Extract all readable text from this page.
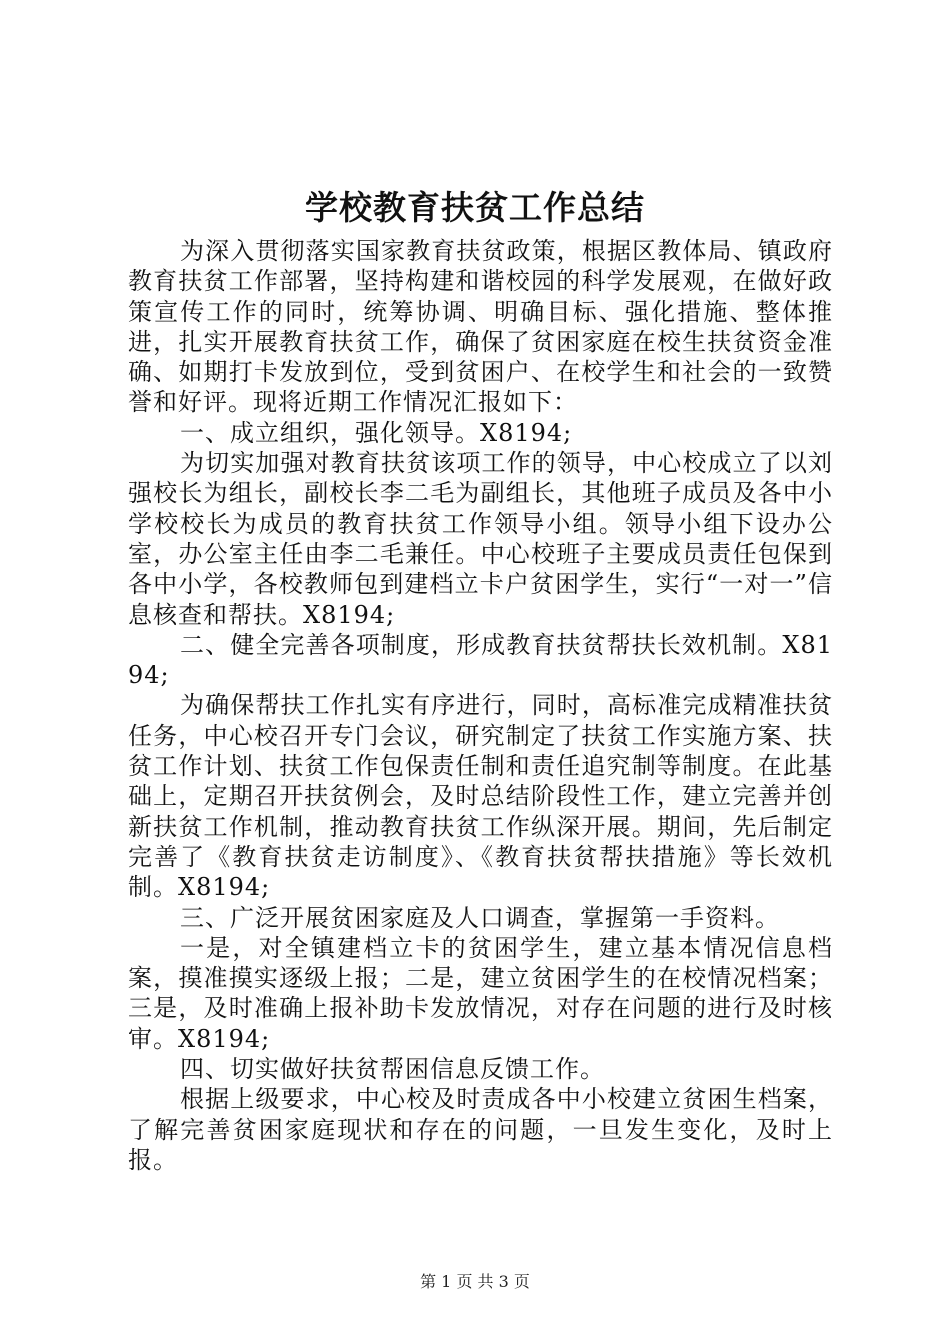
学校教育扶贫工作总结

为深入贯彻落实国家教育扶贫政策，根据区教体局、镇政府教育扶贫工作部署，坚持构建和谐校园的科学发展观，在做好政策宣传工作的同时，统筹协调、明确目标、强化措施、整体推进，扎实开展教育扶贫工作，确保了贫困家庭在校生扶贫资金准确、如期打卡发放到位，受到贫困户、在校学生和社会的一致赞誉和好评。现将近期工作情况汇报如下：

一、成立组织，强化领导。X8194;

为切实加强对教育扶贫该项工作的领导，中心校成立了以刘强校长为组长，副校长李二毛为副组长，其他班子成员及各中小学校校长为成员的教育扶贫工作领导小组。领导小组下设办公室，办公室主任由李二毛兼任。中心校班子主要成员责任包保到各中小学，各校教师包到建档立卡户贫困学生，实行“一对一”信息核查和帮扶。X8194;

二、健全完善各项制度，形成教育扶贫帮扶长效机制。X8194;

为确保帮扶工作扎实有序进行，同时，高标准完成精准扶贫任务，中心校召开专门会议，研究制定了扶贫工作实施方案、扶贫工作计划、扶贫工作包保责任制和责任追究制等制度。在此基础上，定期召开扶贫例会，及时总结阶段性工作，建立完善并创新扶贫工作机制，推动教育扶贫工作纵深开展。期间，先后制定完善了《教育扶贫走访制度》、《教育扶贫帮扶措施》等长效机制。X8194;

三、广泛开展贫困家庭及人口调查，掌握第一手资料。

一是，对全镇建档立卡的贫困学生，建立基本情况信息档案，摸准摸实逐级上报；二是，建立贫困学生的在校情况档案；三是，及时准确上报补助卡发放情况，对存在问题的进行及时核审。X8194;

四、切实做好扶贫帮困信息反馈工作。

根据上级要求，中心校及时责成各中小校建立贫困生档案，了解完善贫困家庭现状和存在的问题，一旦发生变化，及时上报。

第 1 页 共 3 页
